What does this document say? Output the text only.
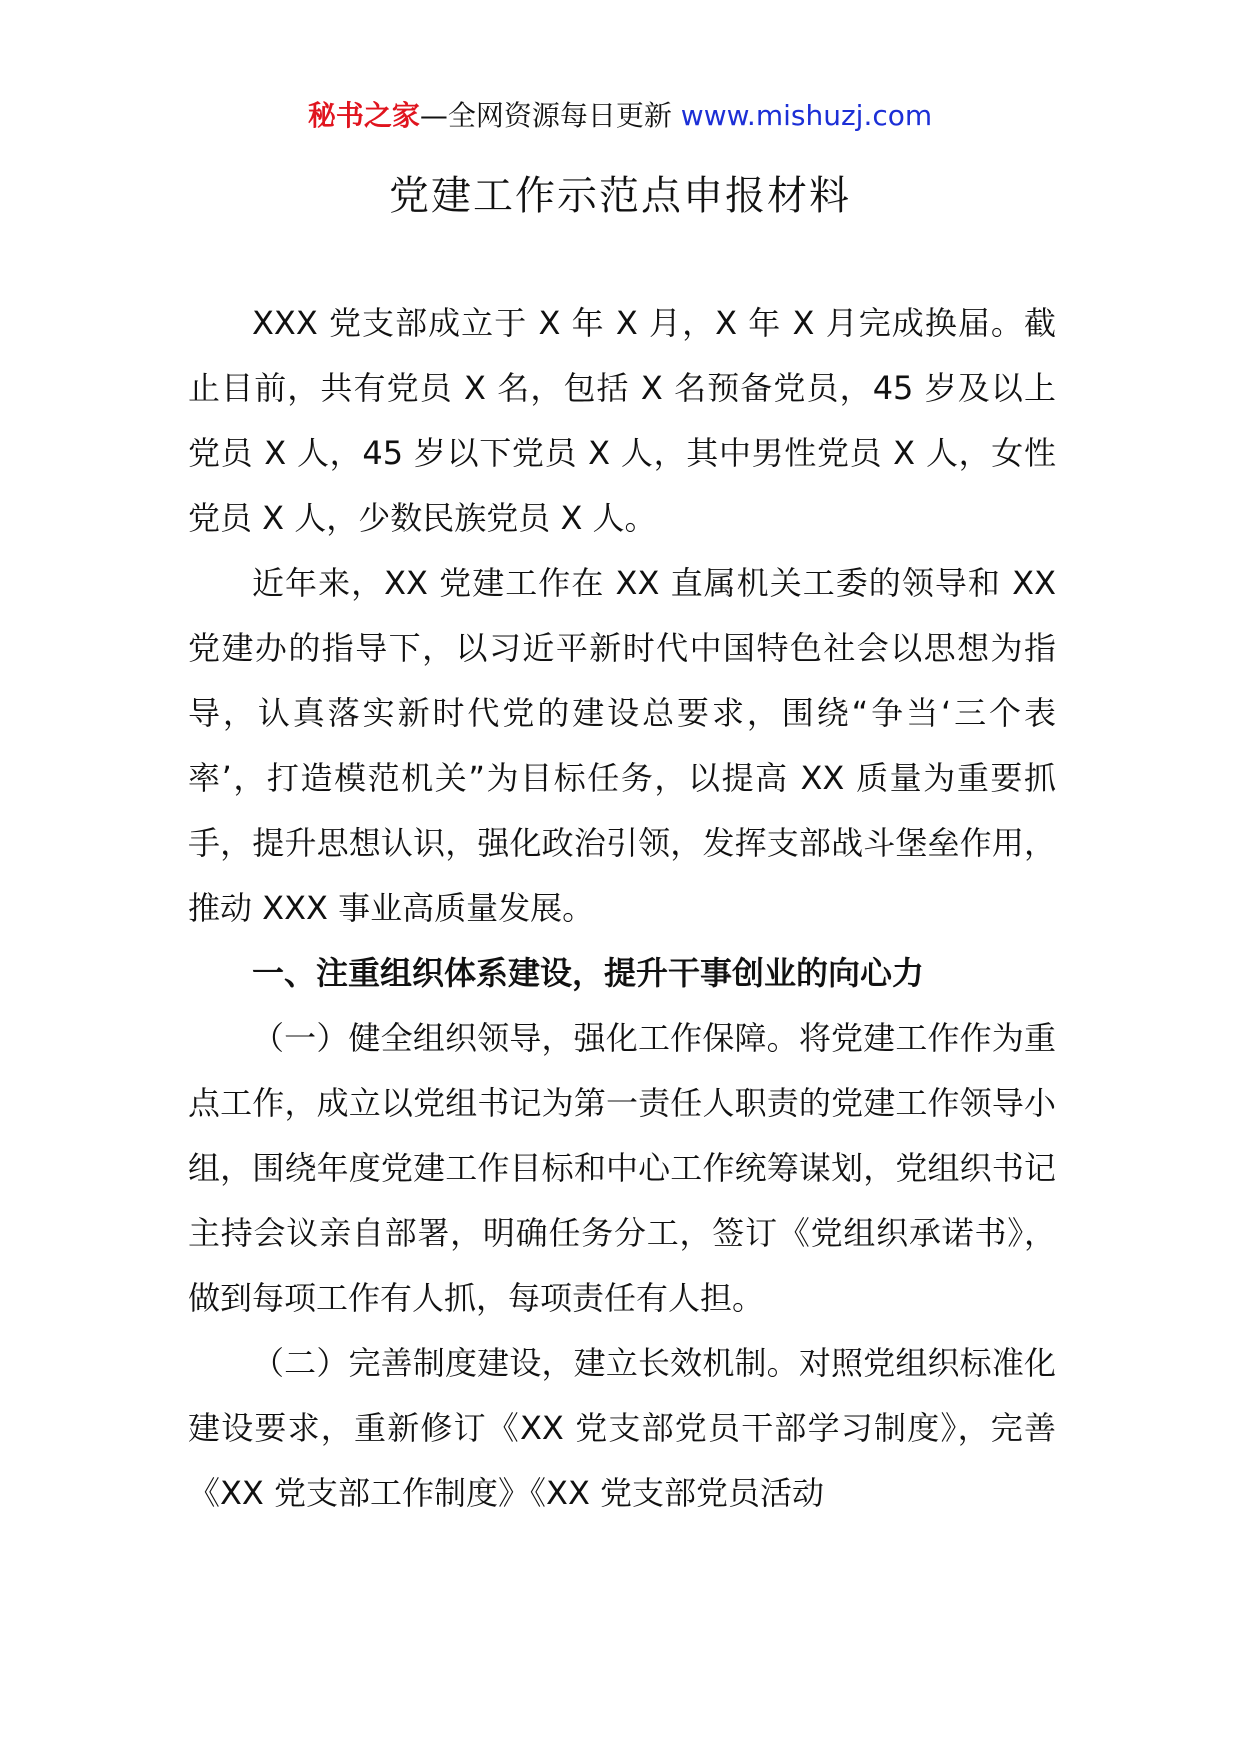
秘书之家—全网资源每日更新 www.mishuzj.com
党建工作示范点申报材料

XXX 党支部成立于 X 年 X 月，X 年 X 月完成换届。截止目前，共有党员 X 名，包括 X 名预备党员，45 岁及以上党员 X 人，45 岁以下党员 X 人，其中男性党员 X 人，女性党员 X 人，少数民族党员 X 人。

近年来，XX 党建工作在 XX 直属机关工委的领导和 XX 党建办的指导下，以习近平新时代中国特色社会以思想为指导，认真落实新时代党的建设总要求，围绕“争当‘三个表率’，打造模范机关”为目标任务，以提高 XX 质量为重要抓手，提升思想认识，强化政治引领，发挥支部战斗堡垒作用，推动 XXX 事业高质量发展。

一、注重组织体系建设，提升干事创业的向心力

（一）健全组织领导，强化工作保障。将党建工作作为重点工作，成立以党组书记为第一责任人职责的党建工作领导小组，围绕年度党建工作目标和中心工作统筹谋划，党组织书记主持会议亲自部署，明确任务分工，签订《党组织承诺书》，做到每项工作有人抓，每项责任有人担。

（二）完善制度建设，建立长效机制。对照党组织标准化建设要求，重新修订《XX 党支部党员干部学习制度》，完善《XX 党支部工作制度》《XX 党支部党员活动
